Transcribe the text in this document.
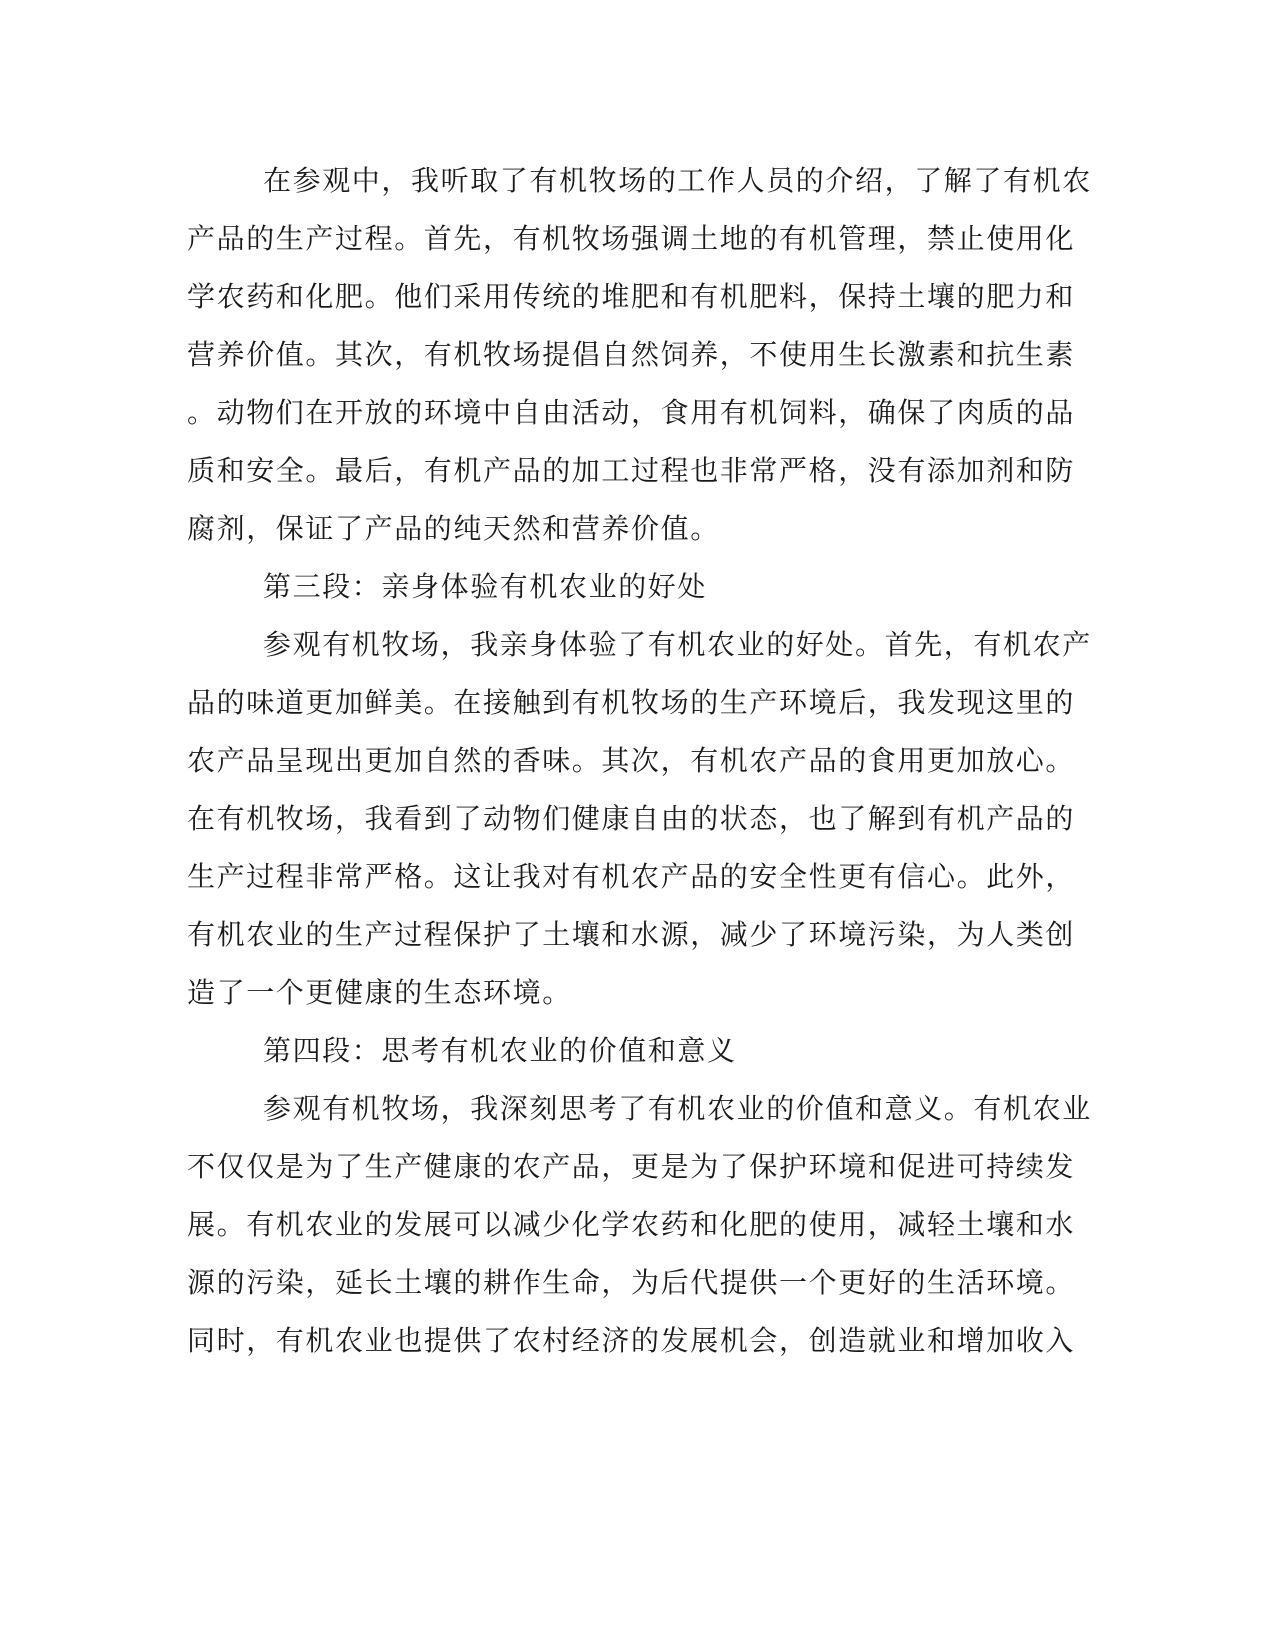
在参观中，我听取了有机牧场的工作人员的介绍，了解了有机农
产品的生产过程。首先，有机牧场强调土地的有机管理，禁止使用化
学农药和化肥。他们采用传统的堆肥和有机肥料，保持土壤的肥力和
营养价值。其次，有机牧场提倡自然饲养，不使用生长激素和抗生素
。动物们在开放的环境中自由活动，食用有机饲料，确保了肉质的品
质和安全。最后，有机产品的加工过程也非常严格，没有添加剂和防
腐剂，保证了产品的纯天然和营养价值。
第三段：亲身体验有机农业的好处
参观有机牧场，我亲身体验了有机农业的好处。首先，有机农产
品的味道更加鲜美。在接触到有机牧场的生产环境后，我发现这里的
农产品呈现出更加自然的香味。其次，有机农产品的食用更加放心。
在有机牧场，我看到了动物们健康自由的状态，也了解到有机产品的
生产过程非常严格。这让我对有机农产品的安全性更有信心。此外，
有机农业的生产过程保护了土壤和水源，减少了环境污染，为人类创
造了一个更健康的生态环境。
第四段：思考有机农业的价值和意义
参观有机牧场，我深刻思考了有机农业的价值和意义。有机农业
不仅仅是为了生产健康的农产品，更是为了保护环境和促进可持续发
展。有机农业的发展可以减少化学农药和化肥的使用，减轻土壤和水
源的污染，延长土壤的耕作生命，为后代提供一个更好的生活环境。
同时，有机农业也提供了农村经济的发展机会，创造就业和增加收入
